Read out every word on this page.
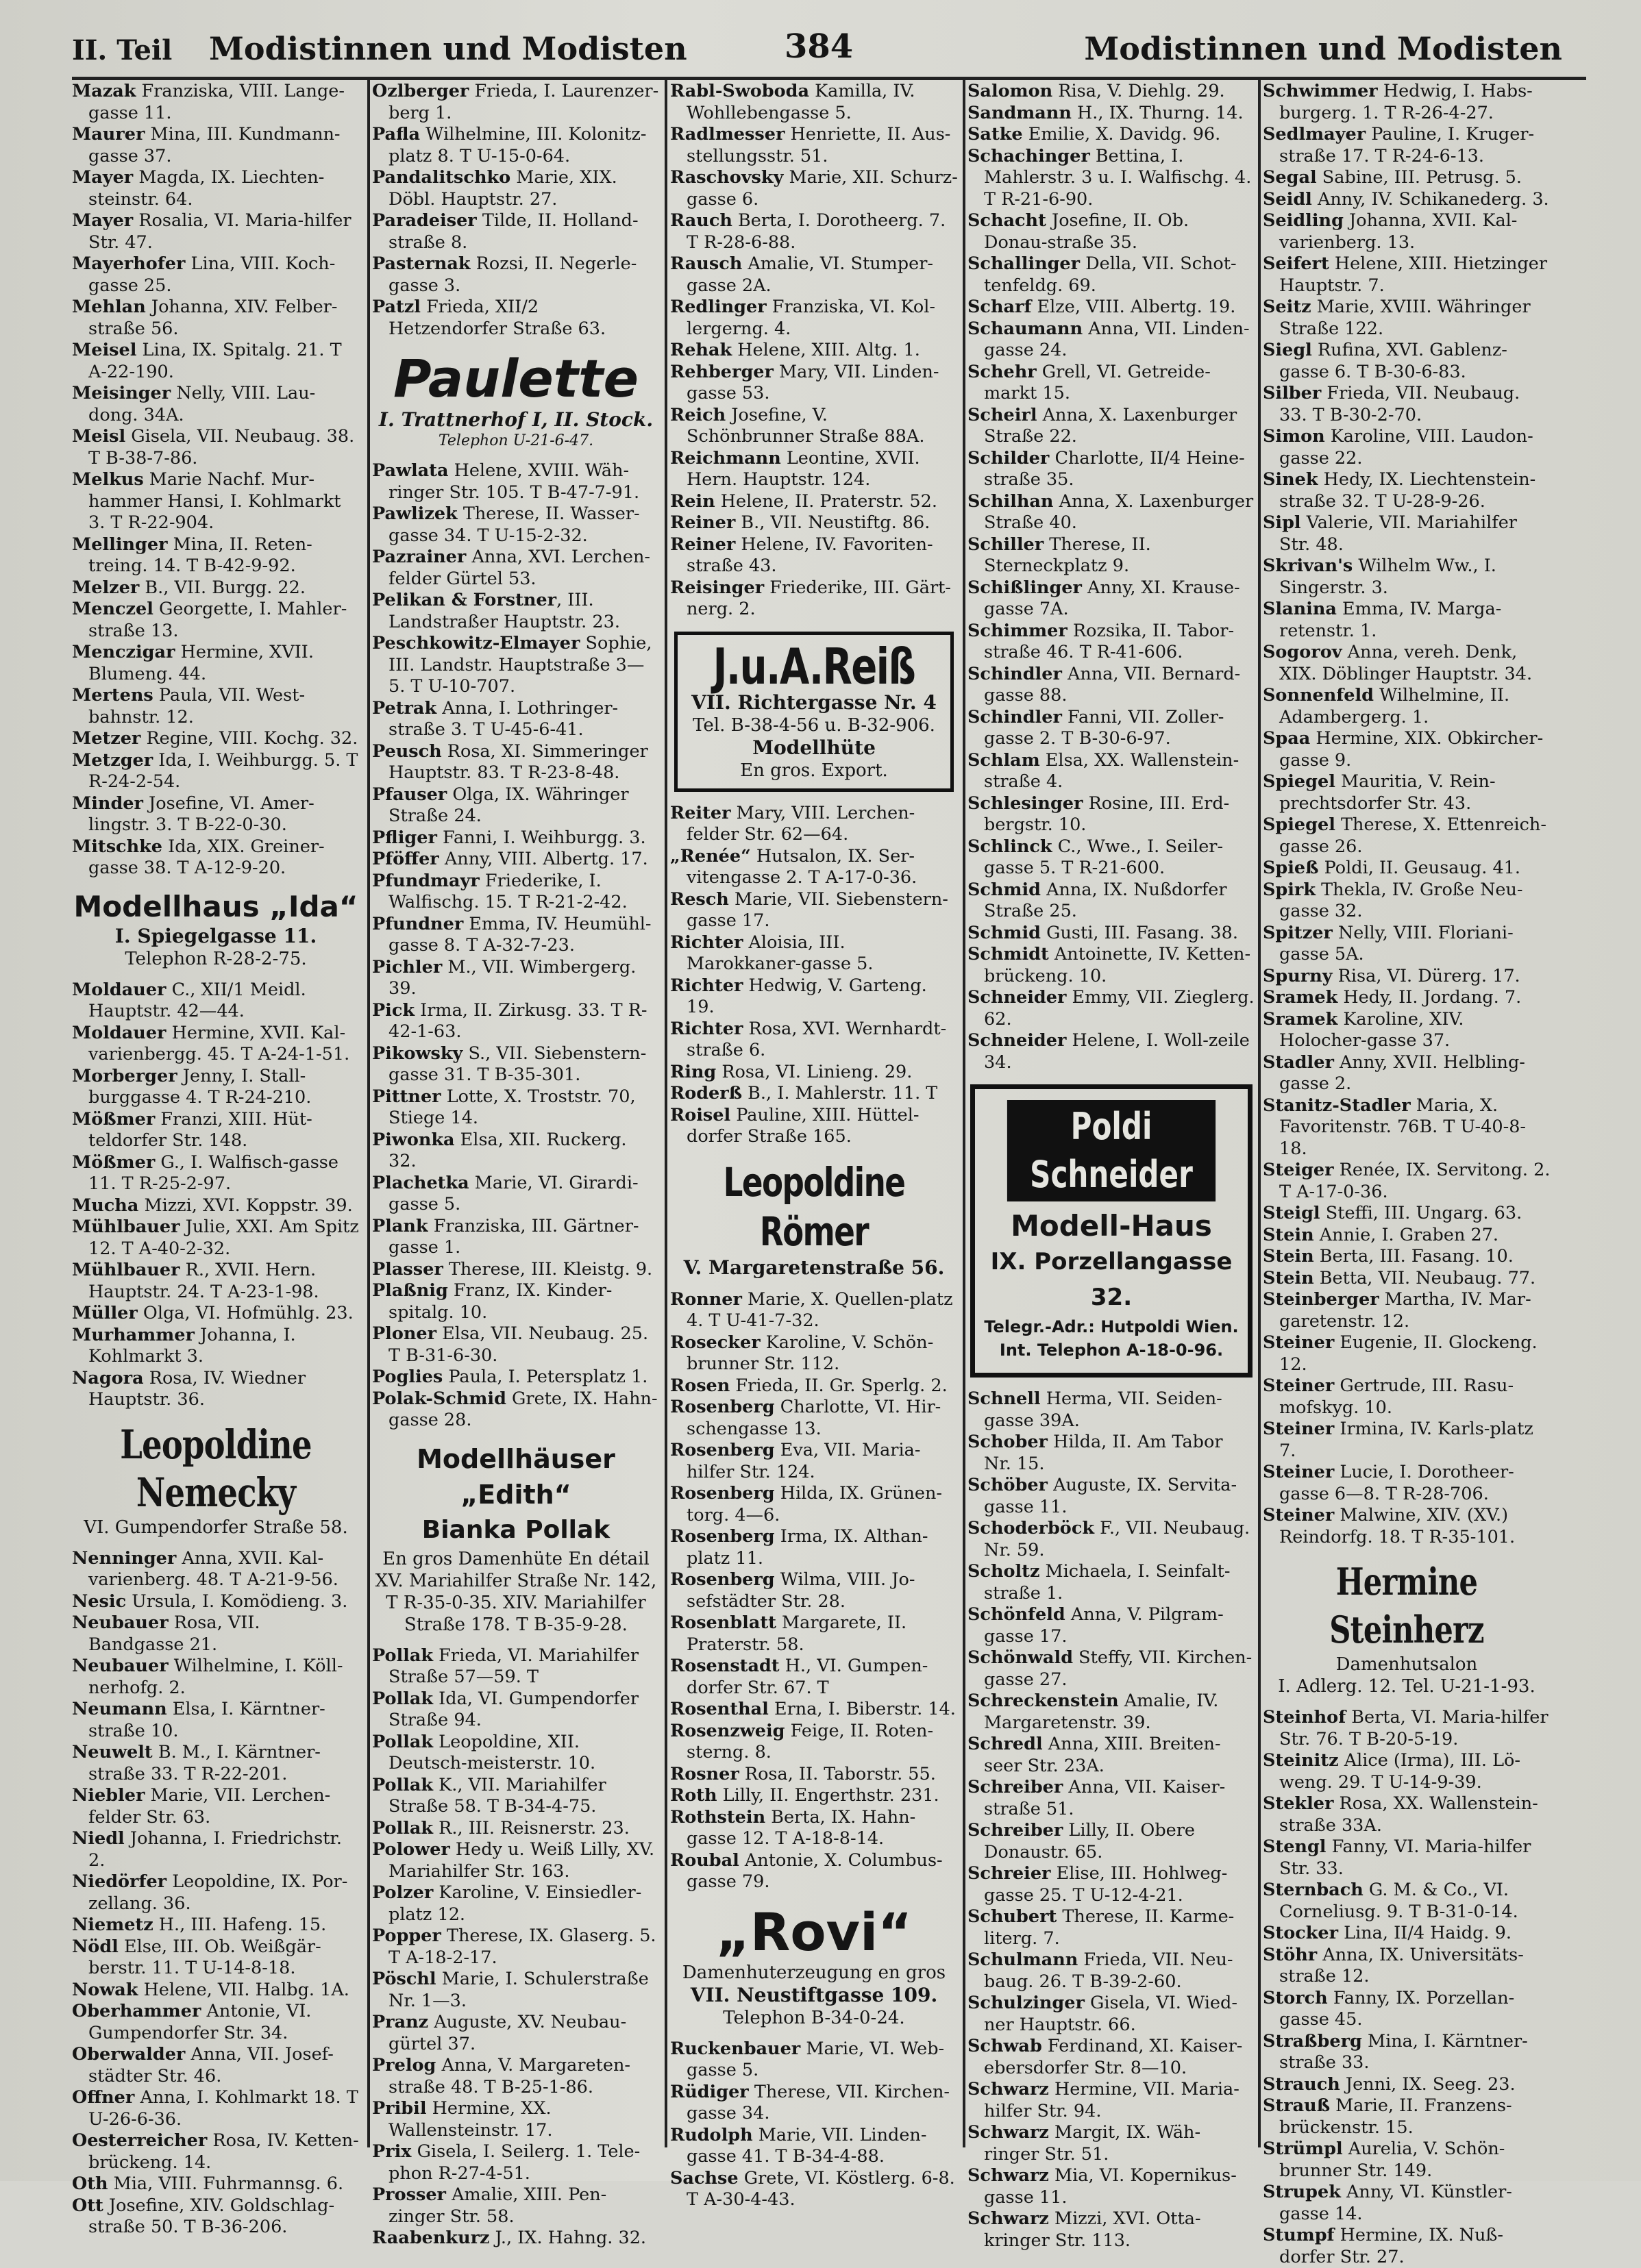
II. Teil Modistinnen und Modisten	384	Modistinnen und Modisten
Mazak Franziska, VIII. Lange-gasse 11.
Maurer Mina, III. Kundmann-gasse 37.
Mayer Magda, IX. Liechten-steinstr. 64.
Mayer Rosalia, VI. Maria-hilfer Str. 47.
Mayerhofer Lina, VIII. Koch-gasse 25.
Mehlan Johanna, XIV. Felber-straße 56.
Meisel Lina, IX. Spitalg. 21. T A-22-190.
Meisinger Nelly, VIII. Lau-dong. 34A.
Meisl Gisela, VII. Neubaug. 38. T B-38-7-86.
Melkus Marie Nachf. Mur-hammer Hansi, I. Kohlmarkt 3. T R-22-904.
Mellinger Mina, II. Reten-treing. 14. T B-42-9-92.
Melzer B., VII. Burgg. 22.
Menczel Georgette, I. Mahler-straße 13.
Menczigar Hermine, XVII. Blumeng. 44.
Mertens Paula, VII. West-bahnstr. 12.
Metzer Regine, VIII. Kochg. 32.
Metzger Ida, I. Weihburgg. 5. T R-24-2-54.
Minder Josefine, VI. Amer-lingstr. 3. T B-22-0-30.
Mitschke Ida, XIX. Greiner-gasse 38. T A-12-9-20.
Modellhaus „Ida“
I. Spiegelgasse 11.
Telephon R-28-2-75.
Moldauer C., XII/1 Meidl. Hauptstr. 42—44.
Moldauer Hermine, XVII. Kal-varienbergg. 45. T A-24-1-51.
Morberger Jenny, I. Stall-burggasse 4. T R-24-210.
Mößmer Franzi, XIII. Hüt-teldorfer Str. 148.
Mößmer G., I. Walfisch-gasse 11. T R-25-2-97.
Mucha Mizzi, XVI. Koppstr. 39.
Mühlbauer Julie, XXI. Am Spitz 12. T A-40-2-32.
Mühlbauer R., XVII. Hern. Hauptstr. 24. T A-23-1-98.
Müller Olga, VI. Hofmühlg. 23.
Murhammer Johanna, I. Kohlmarkt 3.
Nagora Rosa, IV. Wiedner Hauptstr. 36.
Leopoldine Nemecky
VI. Gumpendorfer Straße 58.
Nenninger Anna, XVII. Kal-varienberg. 48. T A-21-9-56.
Nesic Ursula, I. Komödieng. 3.
Neubauer Rosa, VII. Bandgasse 21.
Neubauer Wilhelmine, I. Köll-nerhofg. 2.
Neumann Elsa, I. Kärntner-straße 10.
Neuwelt B. M., I. Kärntner-straße 33. T R-22-201.
Niebler Marie, VII. Lerchen-felder Str. 63.
Niedl Johanna, I. Friedrichstr. 2.
Niedörfer Leopoldine, IX. Por-zellang. 36.
Niemetz H., III. Hafeng. 15.
Nödl Else, III. Ob. Weißgär-berstr. 11. T U-14-8-18.
Nowak Helene, VII. Halbg. 1A.
Oberhammer Antonie, VI. Gumpendorfer Str. 34.
Oberwalder Anna, VII. Josef-städter Str. 46.
Offner Anna, I. Kohlmarkt 18. T U-26-6-36.
Oesterreicher Rosa, IV. Ketten-brückeng. 14.
Oth Mia, VIII. Fuhrmannsg. 6.
Ott Josefine, XIV. Goldschlag-straße 50. T B-36-206.
Ozlberger Frieda, I. Laurenzer-berg 1.
Pafla Wilhelmine, III. Kolonitz-platz 8. T U-15-0-64.
Pandalitschko Marie, XIX. Döbl. Hauptstr. 27.
Paradeiser Tilde, II. Holland-straße 8.
Pasternak Rozsi, II. Negerle-gasse 3.
Patzl Frieda, XII/2 Hetzendorfer Straße 63.
Paulette
I. Trattnerhof I, II. Stock.
Telephon U-21-6-47.
Pawlata Helene, XVIII. Wäh-ringer Str. 105. T B-47-7-91.
Pawlizek Therese, II. Wasser-gasse 34. T U-15-2-32.
Pazrainer Anna, XVI. Lerchen-felder Gürtel 53.
Pelikan & Forstner, III. Landstraßer Hauptstr. 23.
Peschkowitz-Elmayer Sophie, III. Landstr. Hauptstraße 3—5. T U-10-707.
Petrak Anna, I. Lothringer-straße 3. T U-45-6-41.
Peusch Rosa, XI. Simmeringer Hauptstr. 83. T R-23-8-48.
Pfauser Olga, IX. Währinger Straße 24.
Pfliger Fanni, I. Weihburgg. 3.
Pföffer Anny, VIII. Albertg. 17.
Pfundmayr Friederike, I. Walfischg. 15. T R-21-2-42.
Pfundner Emma, IV. Heumühl-gasse 8. T A-32-7-23.
Pichler M., VII. Wimbergerg. 39.
Pick Irma, II. Zirkusg. 33. T R-42-1-63.
Pikowsky S., VII. Siebenstern-gasse 31. T B-35-301.
Pittner Lotte, X. Troststr. 70, Stiege 14.
Piwonka Elsa, XII. Ruckerg. 32.
Plachetka Marie, VI. Girardi-gasse 5.
Plank Franziska, III. Gärtner-gasse 1.
Plasser Therese, III. Kleistg. 9.
Plaßnig Franz, IX. Kinder-spitalg. 10.
Ploner Elsa, VII. Neubaug. 25. T B-31-6-30.
Poglies Paula, I. Petersplatz 1.
Polak-Schmid Grete, IX. Hahn-gasse 28.
Modellhäuser „Edith“
Bianka Pollak
En gros Damenhüte En détail
XV. Mariahilfer Straße Nr. 142, T R-35-0-35. XIV. Mariahilfer Straße 178. T B-35-9-28.
Pollak Frieda, VI. Mariahilfer Straße 57—59. T
Pollak Ida, VI. Gumpendorfer Straße 94.
Pollak Leopoldine, XII. Deutsch-meisterstr. 10.
Pollak K., VII. Mariahilfer Straße 58. T B-34-4-75.
Pollak R., III. Reisnerstr. 23.
Polower Hedy u. Weiß Lilly, XV. Mariahilfer Str. 163.
Polzer Karoline, V. Einsiedler-platz 12.
Popper Therese, IX. Glaserg. 5. T A-18-2-17.
Pöschl Marie, I. Schulerstraße Nr. 1—3.
Pranz Auguste, XV. Neubau-gürtel 37.
Prelog Anna, V. Margareten-straße 48. T B-25-1-86.
Pribil Hermine, XX. Wallensteinstr. 17.
Prix Gisela, I. Seilerg. 1. Tele-phon R-27-4-51.
Prosser Amalie, XIII. Pen-zinger Str. 58.
Raabenkurz J., IX. Hahng. 32.
Rabl-Swoboda Kamilla, IV. Wohllebengasse 5.
Radlmesser Henriette, II. Aus-stellungsstr. 51.
Raschovsky Marie, XII. Schurz-gasse 6.
Rauch Berta, I. Dorotheerg. 7. T R-28-6-88.
Rausch Amalie, VI. Stumper-gasse 2A.
Redlinger Franziska, VI. Kol-lergerng. 4.
Rehak Helene, XIII. Altg. 1.
Rehberger Mary, VII. Linden-gasse 53.
Reich Josefine, V. Schönbrunner Straße 88A.
Reichmann Leontine, XVII. Hern. Hauptstr. 124.
Rein Helene, II. Praterstr. 52.
Reiner B., VII. Neustiftg. 86.
Reiner Helene, IV. Favoriten-straße 43.
Reisinger Friederike, III. Gärt-nerg. 2.
J.u.A.Reiß
VII. Richtergasse Nr. 4
Tel. B-38-4-56 u. B-32-906.
Modellhüte
En gros. Export.
Reiter Mary, VIII. Lerchen-felder Str. 62—64.
„Renée“ Hutsalon, IX. Ser-vitengasse 2. T A-17-0-36.
Resch Marie, VII. Siebenstern-gasse 17.
Richter Aloisia, III. Marokkaner-gasse 5.
Richter Hedwig, V. Garteng. 19.
Richter Rosa, XVI. Wernhardt-straße 6.
Ring Rosa, VI. Linieng. 29.
Roderß B., I. Mahlerstr. 11. T
Roisel Pauline, XIII. Hüttel-dorfer Straße 165.
Leopoldine Römer
V. Margaretenstraße 56.
Ronner Marie, X. Quellen-platz 4. T U-41-7-32.
Rosecker Karoline, V. Schön-brunner Str. 112.
Rosen Frieda, II. Gr. Sperlg. 2.
Rosenberg Charlotte, VI. Hir-schengasse 13.
Rosenberg Eva, VII. Maria-hilfer Str. 124.
Rosenberg Hilda, IX. Grünen-torg. 4—6.
Rosenberg Irma, IX. Althan-platz 11.
Rosenberg Wilma, VIII. Jo-sefstädter Str. 28.
Rosenblatt Margarete, II. Praterstr. 58.
Rosenstadt H., VI. Gumpen-dorfer Str. 67. T
Rosenthal Erna, I. Biberstr. 14.
Rosenzweig Feige, II. Roten-sterng. 8.
Rosner Rosa, II. Taborstr. 55.
Roth Lilly, II. Engerthstr. 231.
Rothstein Berta, IX. Hahn-gasse 12. T A-18-8-14.
Roubal Antonie, X. Columbus-gasse 79.
„Rovi“
Damenhuterzeugung en gros
VII. Neustiftgasse 109.
Telephon B-34-0-24.
Ruckenbauer Marie, VI. Web-gasse 5.
Rüdiger Therese, VII. Kirchen-gasse 34.
Rudolph Marie, VII. Linden-gasse 41. T B-34-4-88.
Sachse Grete, VI. Köstlerg. 6-8. T A-30-4-43.
Salomon Risa, V. Diehlg. 29.
Sandmann H., IX. Thurng. 14.
Satke Emilie, X. Davidg. 96.
Schachinger Bettina, I. Mahlerstr. 3 u. I. Walfischg. 4. T R-21-6-90.
Schacht Josefine, II. Ob. Donau-straße 35.
Schallinger Della, VII. Schot-tenfeldg. 69.
Scharf Elze, VIII. Albertg. 19.
Schaumann Anna, VII. Linden-gasse 24.
Schehr Grell, VI. Getreide-markt 15.
Scheirl Anna, X. Laxenburger Straße 22.
Schilder Charlotte, II/4 Heine-straße 35.
Schilhan Anna, X. Laxenburger Straße 40.
Schiller Therese, II. Sterneckplatz 9.
Schißlinger Anny, XI. Krause-gasse 7A.
Schimmer Rozsika, II. Tabor-straße 46. T R-41-606.
Schindler Anna, VII. Bernard-gasse 88.
Schindler Fanni, VII. Zoller-gasse 2. T B-30-6-97.
Schlam Elsa, XX. Wallenstein-straße 4.
Schlesinger Rosine, III. Erd-bergstr. 10.
Schlinck C., Wwe., I. Seiler-gasse 5. T R-21-600.
Schmid Anna, IX. Nußdorfer Straße 25.
Schmid Gusti, III. Fasang. 38.
Schmidt Antoinette, IV. Ketten-brückeng. 10.
Schneider Emmy, VII. Zieglerg. 62.
Schneider Helene, I. Woll-zeile 34.
Poldi Schneider
Modell-Haus
IX. Porzellangasse 32.
Telegr.-Adr.: Hutpoldi Wien.
Int. Telephon A-18-0-96.
Schnell Herma, VII. Seiden-gasse 39A.
Schober Hilda, II. Am Tabor Nr. 15.
Schöber Auguste, IX. Servita-gasse 11.
Schoderböck F., VII. Neubaug. Nr. 59.
Scholtz Michaela, I. Seinfalt-straße 1.
Schönfeld Anna, V. Pilgram-gasse 17.
Schönwald Steffy, VII. Kirchen-gasse 27.
Schreckenstein Amalie, IV. Margaretenstr. 39.
Schredl Anna, XIII. Breiten-seer Str. 23A.
Schreiber Anna, VII. Kaiser-straße 51.
Schreiber Lilly, II. Obere Donaustr. 65.
Schreier Elise, III. Hohlweg-gasse 25. T U-12-4-21.
Schubert Therese, II. Karme-literg. 7.
Schulmann Frieda, VII. Neu-baug. 26. T B-39-2-60.
Schulzinger Gisela, VI. Wied-ner Hauptstr. 66.
Schwab Ferdinand, XI. Kaiser-ebersdorfer Str. 8—10.
Schwarz Hermine, VII. Maria-hilfer Str. 94.
Schwarz Margit, IX. Wäh-ringer Str. 51.
Schwarz Mia, VI. Kopernikus-gasse 11.
Schwarz Mizzi, XVI. Otta-kringer Str. 113.
Schwimmer Hedwig, I. Habs-burgerg. 1. T R-26-4-27.
Sedlmayer Pauline, I. Kruger-straße 17. T R-24-6-13.
Segal Sabine, III. Petrusg. 5.
Seidl Anny, IV. Schikanederg. 3.
Seidling Johanna, XVII. Kal-varienberg. 13.
Seifert Helene, XIII. Hietzinger Hauptstr. 7.
Seitz Marie, XVIII. Währinger Straße 122.
Siegl Rufina, XVI. Gablenz-gasse 6. T B-30-6-83.
Silber Frieda, VII. Neubaug. 33. T B-30-2-70.
Simon Karoline, VIII. Laudon-gasse 22.
Sinek Hedy, IX. Liechtenstein-straße 32. T U-28-9-26.
Sipl Valerie, VII. Mariahilfer Str. 48.
Skrivan's Wilhelm Ww., I. Singerstr. 3.
Slanina Emma, IV. Marga-retenstr. 1.
Sogorov Anna, vereh. Denk, XIX. Döblinger Hauptstr. 34.
Sonnenfeld Wilhelmine, II. Adambergerg. 1.
Spaa Hermine, XIX. Obkircher-gasse 9.
Spiegel Mauritia, V. Rein-prechtsdorfer Str. 43.
Spiegel Therese, X. Ettenreich-gasse 26.
Spieß Poldi, II. Geusaug. 41.
Spirk Thekla, IV. Große Neu-gasse 32.
Spitzer Nelly, VIII. Floriani-gasse 5A.
Spurny Risa, VI. Dürerg. 17.
Sramek Hedy, II. Jordang. 7.
Sramek Karoline, XIV. Holocher-gasse 37.
Stadler Anny, XVII. Helbling-gasse 2.
Stanitz-Stadler Maria, X. Favoritenstr. 76B. T U-40-8-18.
Steiger Renée, IX. Servitong. 2. T A-17-0-36.
Steigl Steffi, III. Ungarg. 63.
Stein Annie, I. Graben 27.
Stein Berta, III. Fasang. 10.
Stein Betta, VII. Neubaug. 77.
Steinberger Martha, IV. Mar-garetenstr. 12.
Steiner Eugenie, II. Glockeng. 12.
Steiner Gertrude, III. Rasu-mofskyg. 10.
Steiner Irmina, IV. Karls-platz 7.
Steiner Lucie, I. Dorotheer-gasse 6—8. T R-28-706.
Steiner Malwine, XIV. (XV.) Reindorfg. 18. T R-35-101.
Hermine Steinherz
Damenhutsalon
I. Adlerg. 12. Tel. U-21-1-93.
Steinhof Berta, VI. Maria-hilfer Str. 76. T B-20-5-19.
Steinitz Alice (Irma), III. Lö-weng. 29. T U-14-9-39.
Stekler Rosa, XX. Wallenstein-straße 33A.
Stengl Fanny, VI. Maria-hilfer Str. 33.
Sternbach G. M. & Co., VI. Corneliusg. 9. T B-31-0-14.
Stocker Lina, II/4 Haidg. 9.
Stöhr Anna, IX. Universitäts-straße 12.
Storch Fanny, IX. Porzellan-gasse 45.
Straßberg Mina, I. Kärntner-straße 33.
Strauch Jenni, IX. Seeg. 23.
Strauß Marie, II. Franzens-brückenstr. 15.
Strümpl Aurelia, V. Schön-brunner Str. 149.
Strupek Anny, VI. Künstler-gasse 14.
Stumpf Hermine, IX. Nuß-dorfer Str. 27.
